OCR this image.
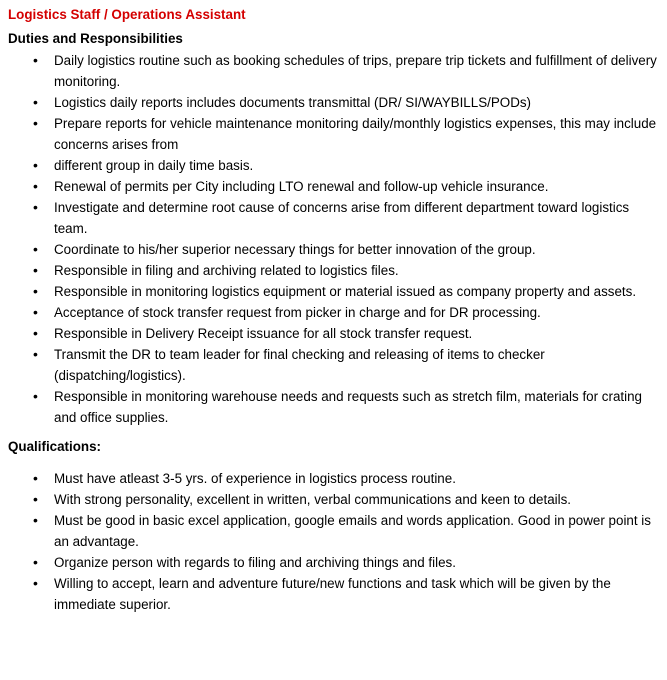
Logistics Staff / Operations Assistant

Duties and Responsibilities

• Daily logistics routine such as booking schedules of trips, prepare trip tickets and fulfillment of delivery monitoring.
• Logistics daily reports includes documents transmittal (DR/ SI/WAYBILLS/PODs)
• Prepare reports for vehicle maintenance monitoring daily/monthly logistics expenses, this may include concerns arises from
• different group in daily time basis.
• Renewal of permits per City including LTO renewal and follow-up vehicle insurance.
• Investigate and determine root cause of concerns arise from different department toward logistics team.
• Coordinate to his/her superior necessary things for better innovation of the group.
• Responsible in filing and archiving related to logistics files.
• Responsible in monitoring logistics equipment or material issued as company property and assets.
• Acceptance of stock transfer request from picker in charge and for DR processing.
• Responsible in Delivery Receipt issuance for all stock transfer request.
• Transmit the DR to team leader for final checking and releasing of items to checker (dispatching/logistics).
• Responsible in monitoring warehouse needs and requests such as stretch film, materials for crating and office supplies.

Qualifications:

• Must have atleast 3-5 yrs. of experience in logistics process routine.
• With strong personality, excellent in written, verbal communications and keen to details.
• Must be good in basic excel application, google emails and words application. Good in power point is an advantage.
• Organize person with regards to filing and archiving things and files.
• Willing to accept, learn and adventure future/new functions and task which will be given by the immediate superior.
